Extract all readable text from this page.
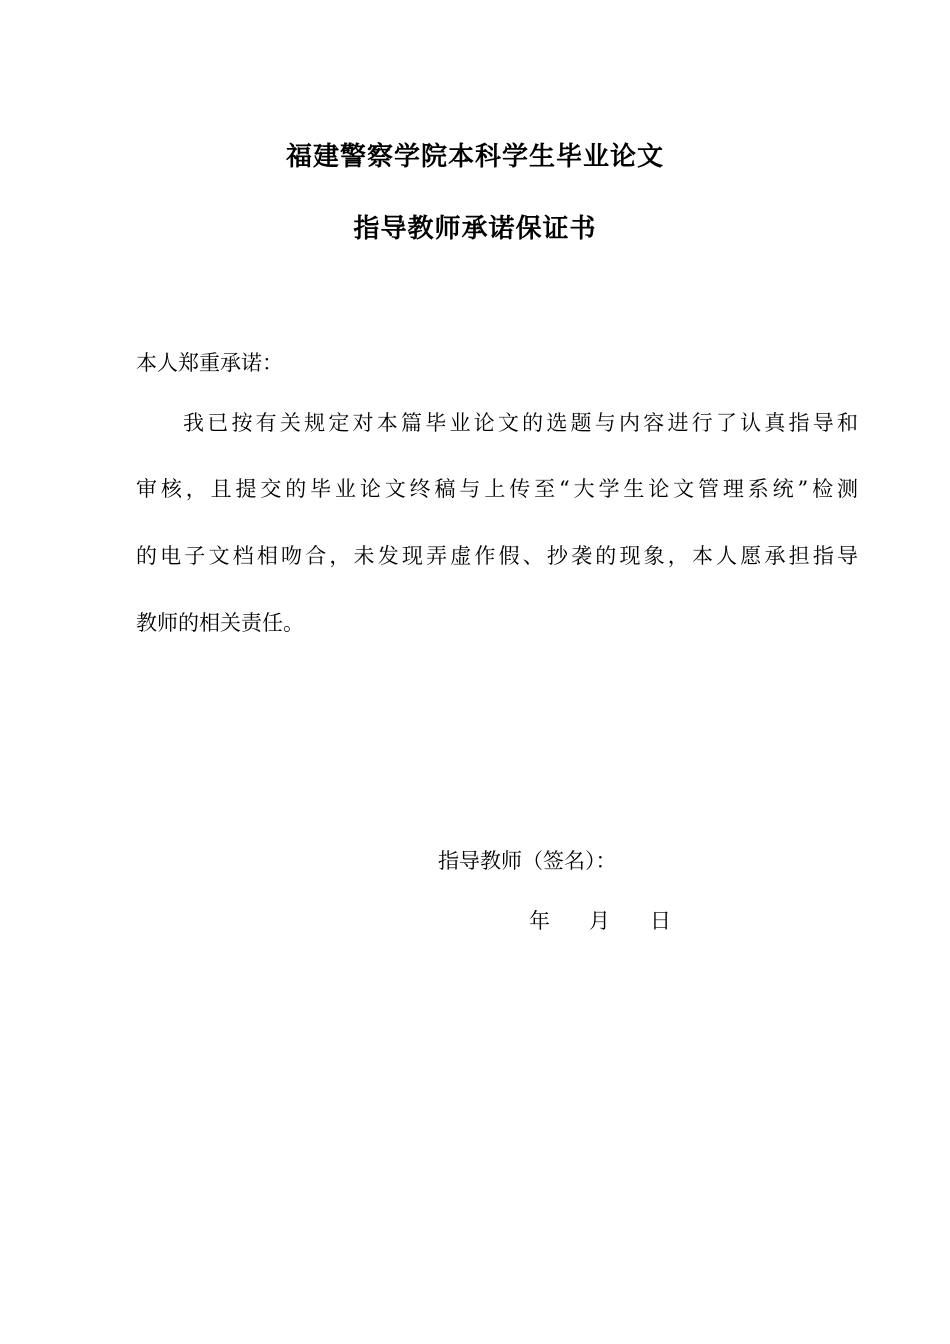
福建警察学院本科学生毕业论文
指导教师承诺保证书
本人郑重承诺：
我已按有关规定对本篇毕业论文的选题与内容进行了认真指导和
审核，且提交的毕业论文终稿与上传至“大学生论文管理系统”检测
的电子文档相吻合，未发现弄虚作假、抄袭的现象，本人愿承担指导
教师的相关责任。
指导教师（签名）：
年 月 日
